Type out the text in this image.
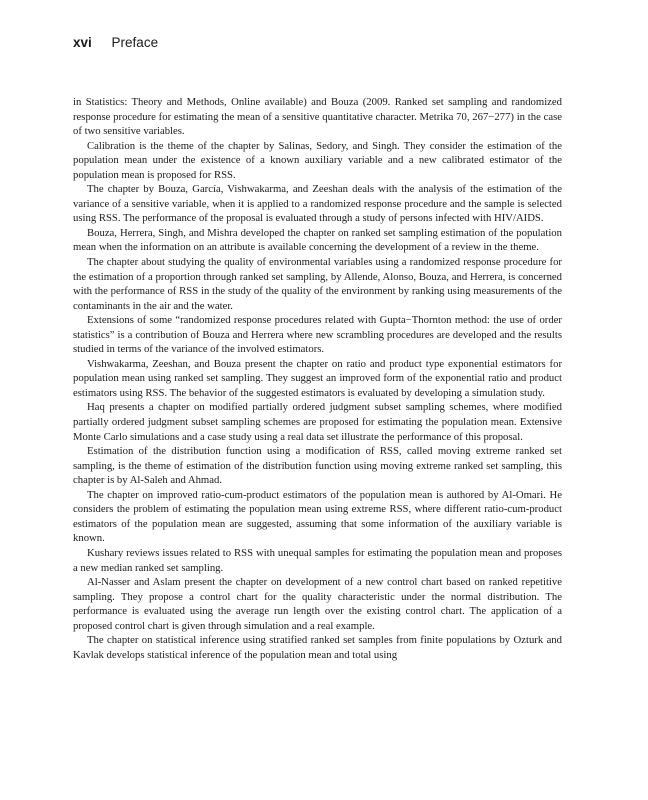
xvi Preface

in Statistics: Theory and Methods, Online available) and Bouza (2009. Ranked set sampling and randomized response procedure for estimating the mean of a sensitive quantitative character. Metrika 70, 267−277) in the case of two sensitive variables.

Calibration is the theme of the chapter by Salinas, Sedory, and Singh. They consider the estimation of the population mean under the existence of a known auxiliary variable and a new calibrated estimator of the population mean is proposed for RSS.

The chapter by Bouza, García, Vishwakarma, and Zeeshan deals with the analysis of the estimation of the variance of a sensitive variable, when it is applied to a randomized response procedure and the sample is selected using RSS. The performance of the proposal is evaluated through a study of persons infected with HIV/AIDS.

Bouza, Herrera, Singh, and Mishra developed the chapter on ranked set sampling estimation of the population mean when the information on an attribute is available concerning the development of a review in the theme.

The chapter about studying the quality of environmental variables using a randomized response procedure for the estimation of a proportion through ranked set sampling, by Allende, Alonso, Bouza, and Herrera, is concerned with the performance of RSS in the study of the quality of the environment by ranking using measurements of the contaminants in the air and the water.

Extensions of some “randomized response procedures related with Gupta−Thornton method: the use of order statistics” is a contribution of Bouza and Herrera where new scrambling procedures are developed and the results studied in terms of the variance of the involved estimators.

Vishwakarma, Zeeshan, and Bouza present the chapter on ratio and product type exponential estimators for population mean using ranked set sampling. They suggest an improved form of the exponential ratio and product estimators using RSS. The behavior of the suggested estimators is evaluated by developing a simulation study.

Haq presents a chapter on modified partially ordered judgment subset sampling schemes, where modified partially ordered judgment subset sampling schemes are proposed for estimating the population mean. Extensive Monte Carlo simulations and a case study using a real data set illustrate the performance of this proposal.

Estimation of the distribution function using a modification of RSS, called moving extreme ranked set sampling, is the theme of estimation of the distribution function using moving extreme ranked set sampling, this chapter is by Al-Saleh and Ahmad.

The chapter on improved ratio-cum-product estimators of the population mean is authored by Al-Omari. He considers the problem of estimating the population mean using extreme RSS, where different ratio-cum-product estimators of the population mean are suggested, assuming that some information of the auxiliary variable is known.

Kushary reviews issues related to RSS with unequal samples for estimating the population mean and proposes a new median ranked set sampling.

Al-Nasser and Aslam present the chapter on development of a new control chart based on ranked repetitive sampling. They propose a control chart for the quality characteristic under the normal distribution. The performance is evaluated using the average run length over the existing control chart. The application of a proposed control chart is given through simulation and a real example.

The chapter on statistical inference using stratified ranked set samples from finite populations by Ozturk and Kavlak develops statistical inference of the population mean and total using
